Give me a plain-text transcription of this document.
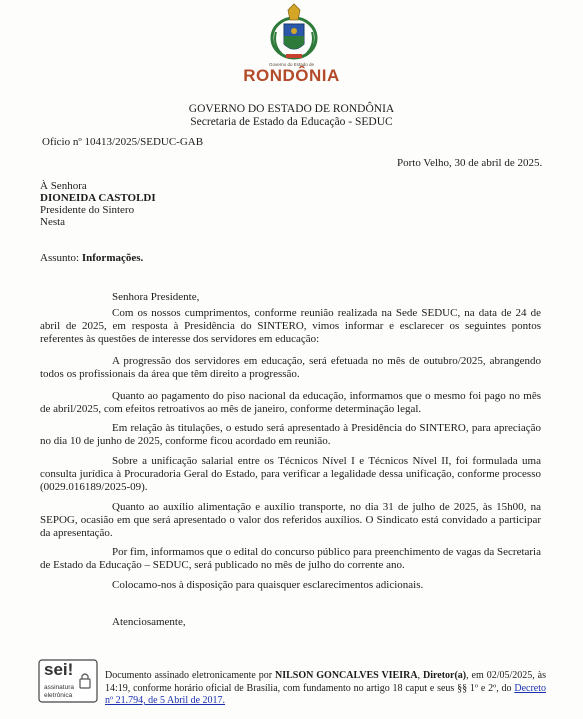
Governo do Estado de
RONDÔNIA
GOVERNO DO ESTADO DE RONDÔNIA
Secretaria de Estado da Educação - SEDUC
Ofício nº 10413/2025/SEDUC-GAB
Porto Velho, 30 de abril de 2025.
À Senhora
DIONEIDA CASTOLDI
Presidente do Sintero
Nesta
Assunto: Informações.
Senhora Presidente,
Com os nossos cumprimentos, conforme reunião realizada na Sede SEDUC, na data de 24 de abril de 2025, em resposta à Presidência do SINTERO, vimos informar e esclarecer os seguintes pontos referentes às questões de interesse dos servidores em educação:
A progressão dos servidores em educação, será efetuada no mês de outubro/2025, abrangendo todos os profissionais da área que têm direito a progressão.
Quanto ao pagamento do piso nacional da educação, informamos que o mesmo foi pago no mês de abril/2025, com efeitos retroativos ao mês de janeiro, conforme determinação legal.
Em relação às titulações, o estudo será apresentado à Presidência do SINTERO, para apreciação no dia 10 de junho de 2025, conforme ficou acordado em reunião.
Sobre a unificação salarial entre os Técnicos Nível I e Técnicos Nível II, foi formulada uma consulta jurídica à Procuradoria Geral do Estado, para verificar a legalidade dessa unificação, conforme processo (0029.016189/2025-09).
Quanto ao auxílio alimentação e auxílio transporte, no dia 31 de julho de 2025, às 15h00, na SEPOG, ocasião em que será apresentado o valor dos referidos auxílios. O Sindicato está convidado a participar da apresentação.
Por fim, informamos que o edital do concurso público para preenchimento de vagas da Secretaria de Estado da Educação – SEDUC, será publicado no mês de julho do corrente ano.
Colocamo-nos à disposição para quaisquer esclarecimentos adicionais.
Atenciosamente,
sei!
assinatura
eletrônica
Documento assinado eletronicamente por NILSON GONCALVES VIEIRA, Diretor(a), em 02/05/2025, às 14:19, conforme horário oficial de Brasília, com fundamento no artigo 18 caput e seus §§ 1º e 2º, do Decreto nº 21.794, de 5 Abril de 2017.
